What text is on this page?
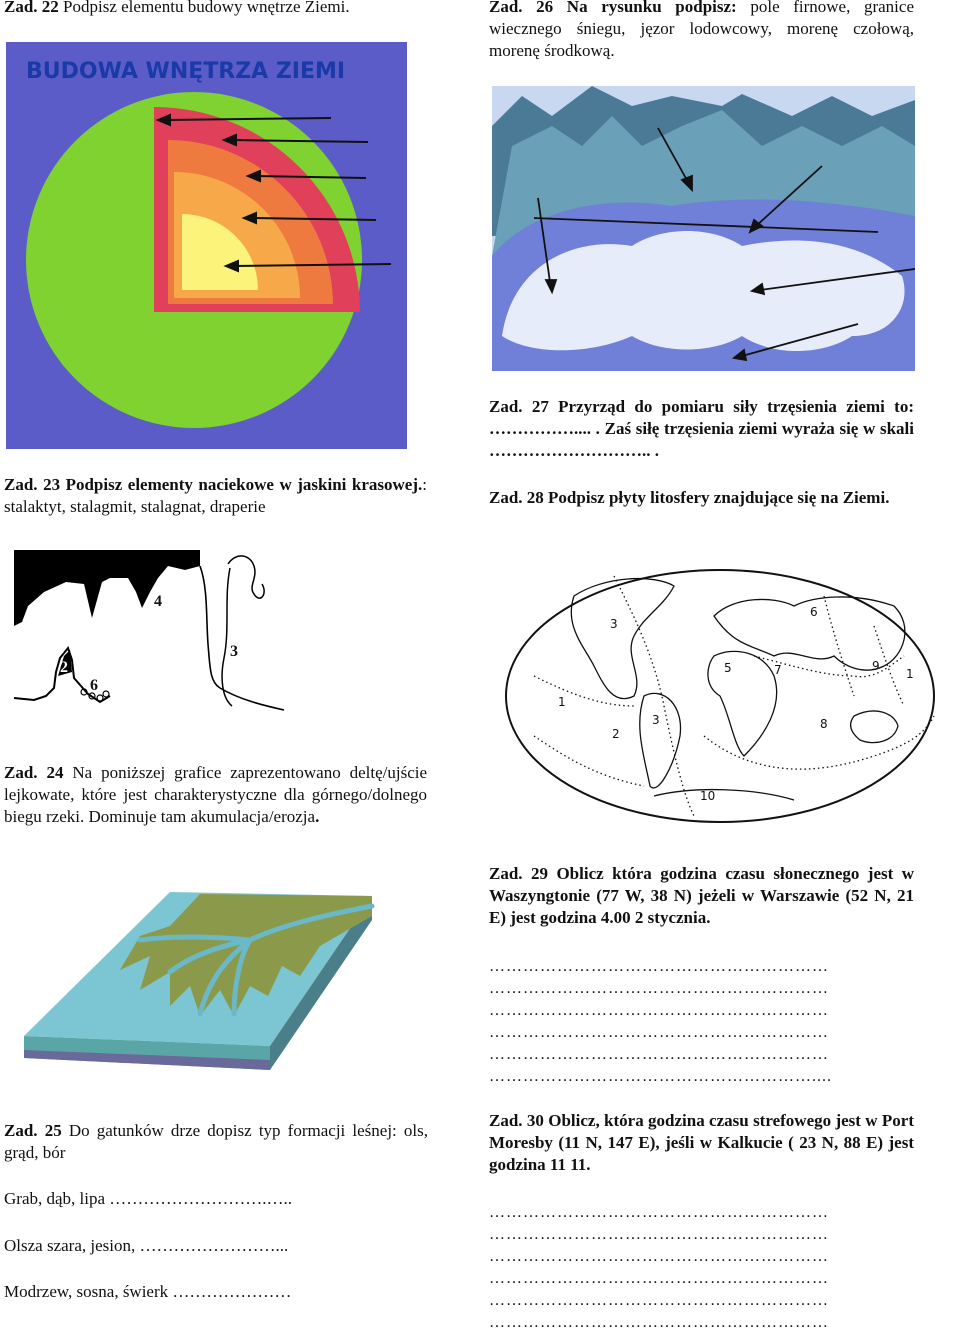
Zad. 22 Podpisz elementu budowy wnętrze Ziemi.
BUDOWA WNĘTRZA ZIEMI
Zad. 23 Podpisz elementy naciekowe w jaskini krasowej.: stalaktyt, stalagmit, stalagnat, draperie
1
2
3
4
6
Zad. 24 Na poniższej grafice zaprezentowano deltę/ujście lejkowate, które jest charakterystyczne dla górnego/dolnego biegu rzeki. Dominuje tam akumulacja/erozja.
Zad. 25 Do gatunków drze dopisz typ formacji leśnej: ols, grąd, bór
Grab, dąb, lipa ……………………….…..
Olsza szara, jesion, ……………………...
Modrzew, sosna, świerk …………………
Zad. 26 Na rysunku podpisz: pole firnowe, granice wiecznego śniegu, jęzor lodowcowy, morenę czołową, morenę środkową.
Zad. 27 Przyrząd do pomiaru siły trzęsienia ziemi to: …………….... . Zaś siłę trzęsienia ziemi wyraża się w skali ……………………….. .
Zad. 28 Podpisz płyty litosfery znajdujące się na Ziemi.
1
1
2
3
3
5
6
7
8
9
10
Zad. 29 Oblicz która godzina czasu słonecznego jest w Waszyngtonie (77 W, 38 N) jeżeli w Warszawie (52 N, 21 E) jest godzina 4.00 2 stycznia.
……………………………………………………
……………………………………………………
……………………………………………………
……………………………………………………
……………………………………………………
…………………………………………………....
Zad. 30 Oblicz, która godzina czasu strefowego jest w Port Moresby (11 N, 147 E), jeśli w Kalkucie ( 23 N, 88 E) jest godzina 11 11.
……………………………………………………
……………………………………………………
……………………………………………………
……………………………………………………
……………………………………………………
……………………………………………………
